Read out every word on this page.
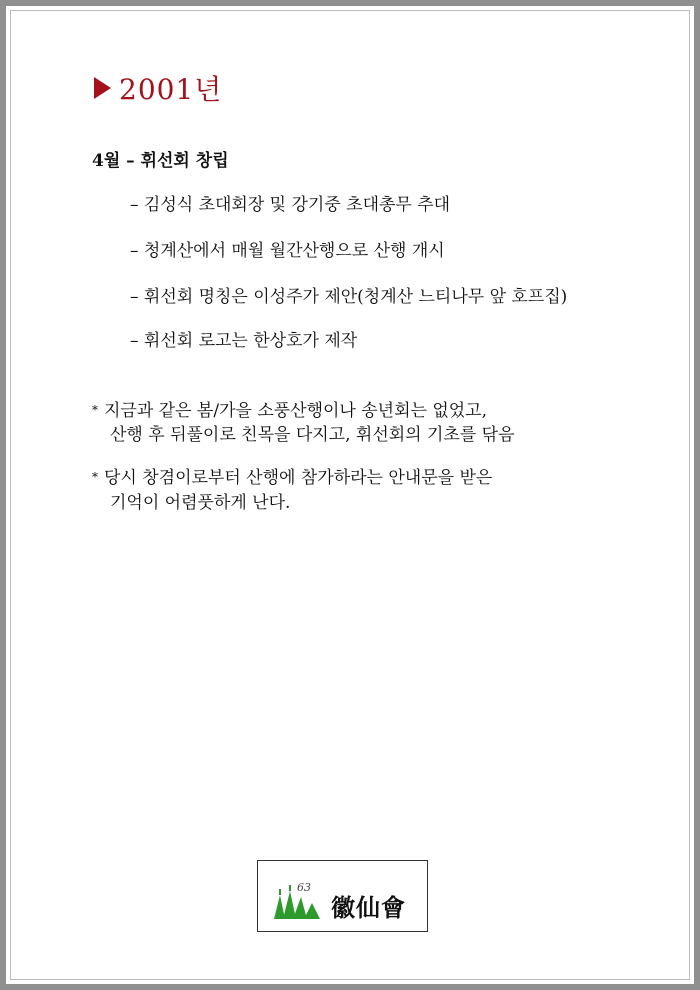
2001년
4월 – 휘선회 창립
– 김성식 초대회장 및 강기중 초대총무 추대
– 청계산에서 매월 월간산행으로 산행 개시
– 휘선회 명칭은 이성주가 제안(청계산 느티나무 앞 호프집)
– 휘선회 로고는 한상호가 제작
* 지금과 같은 봄/가을 소풍산행이나 송년회는 없었고,
산행 후 뒤풀이로 친목을 다지고, 휘선회의 기초를 닦음
* 당시 창겸이로부터 산행에 참가하라는 안내문을 받은
기억이 어렴풋하게 난다.
63
徽仙會
